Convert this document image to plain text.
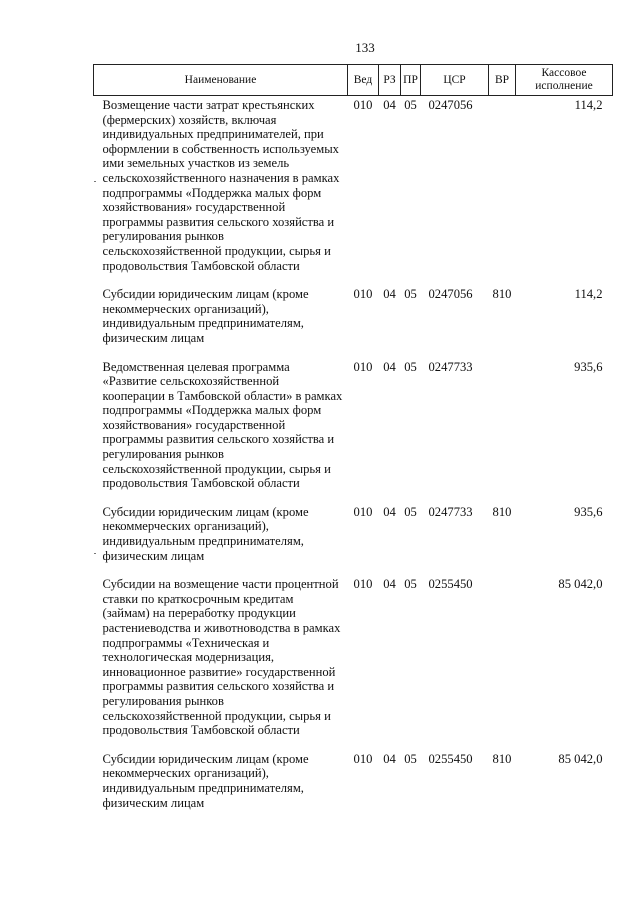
133
Наименование	Вед	РЗ	ПР	ЦСР	ВР	Кассовое исполнение
Возмещение части затрат крестьянских (фермерских) хозяйств, включая индивидуальных предпринимателей, при оформлении в собственность используемых ими земельных участков из земель сельскохозяйственного назначения в рамках подпрограммы «Поддержка малых форм хозяйствования» государственной программы развития сельского хозяйства и регулирования рынков сельскохозяйственной продукции, сырья и продовольствия Тамбовской области	010	04	05	0247056		114,2
Субсидии юридическим лицам (кроме некоммерческих организаций), индивидуальным предпринимателям, физическим лицам	010	04	05	0247056	810	114,2
Ведомственная целевая программа «Развитие сельскохозяйственной кооперации в Тамбовской области» в рамках подпрограммы «Поддержка малых форм хозяйствования» государственной программы развития сельского хозяйства и регулирования рынков сельскохозяйственной продукции, сырья и продовольствия Тамбовской области	010	04	05	0247733		935,6
Субсидии юридическим лицам (кроме некоммерческих организаций), индивидуальным предпринимателям, физическим лицам	010	04	05	0247733	810	935,6
Субсидии на возмещение части процентной ставки по краткосрочным кредитам (займам) на переработку продукции растениеводства и животноводства в рамках подпрограммы «Техническая и технологическая модернизация, инновационное развитие» государственной программы развития сельского хозяйства и регулирования рынков сельскохозяйственной продукции, сырья и продовольствия Тамбовской области	010	04	05	0255450		85 042,0
Субсидии юридическим лицам (кроме некоммерческих организаций), индивидуальным предпринимателям, физическим лицам	010	04	05	0255450	810	85 042,0
